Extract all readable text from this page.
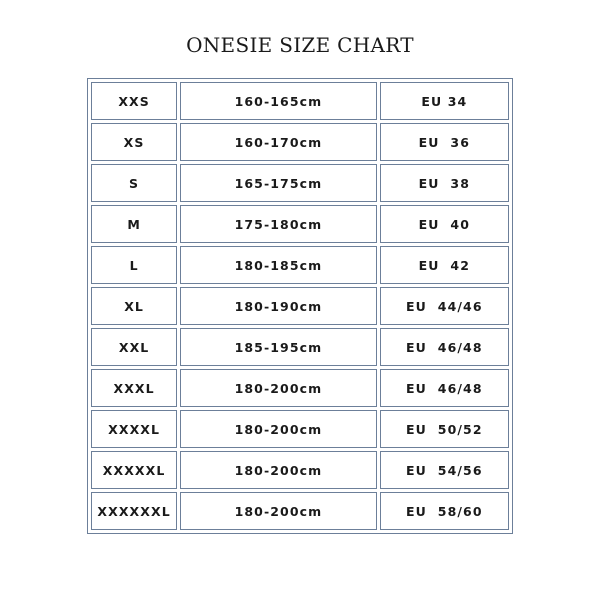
ONESIE SIZE CHART
XXS	160-165cm	EU 34
XS	160-170cm	EU  36
S	165-175cm	EU  38
M	175-180cm	EU  40
L	180-185cm	EU  42
XL	180-190cm	EU  44/46
XXL	185-195cm	EU  46/48
XXXL	180-200cm	EU  46/48
XXXXL	180-200cm	EU  50/52
XXXXXL	180-200cm	EU  54/56
XXXXXXL	180-200cm	EU  58/60
